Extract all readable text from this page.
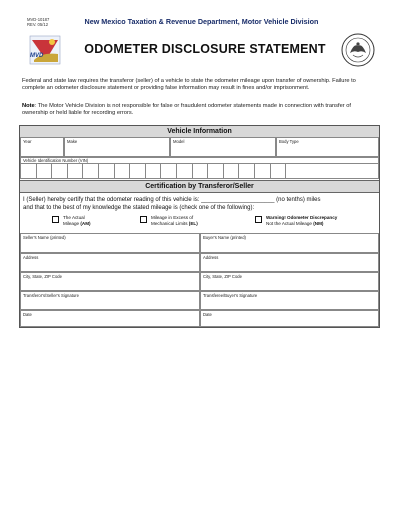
MVD-10187
REV. 05/12	New Mexico Taxation & Revenue Department, Motor Vehicle Division
ODOMETER DISCLOSURE STATEMENT
MVD
Federal and state law requires the transferor (seller) of a vehicle to state the odometer mileage upon transfer of ownership. Failure to complete an odometer disclosure statement or providing false information may result in fines and/or imprisonment.
Note: The Motor Vehicle Division is not responsible for false or fraudulent odometer statements made in connection with transfer of ownership or held liable for recording errors.
Vehicle Information
Year	Make	Model	Body Type
Vehicle Identification Number (VIN)
Certification by Transferor/Seller
I (Seller) hereby certify that the odometer reading of this vehicle is: ______________________ (no tenths) miles
and that to the best of my knowledge the stated mileage is (check one of the following):
The Actual
Mileage (AM)
Mileage in Excess of
Mechanical Limits (EL)
Warning! Odometer Discrepancy
Not the Actual Mileage (NM)
Seller's Name (printed)	Buyer's Name (printed)
Address	Address
City, State, ZIP Code	City, State, ZIP Code
Transferor's/Seller's Signature	Transferee/Buyer's Signature
Date	Date
